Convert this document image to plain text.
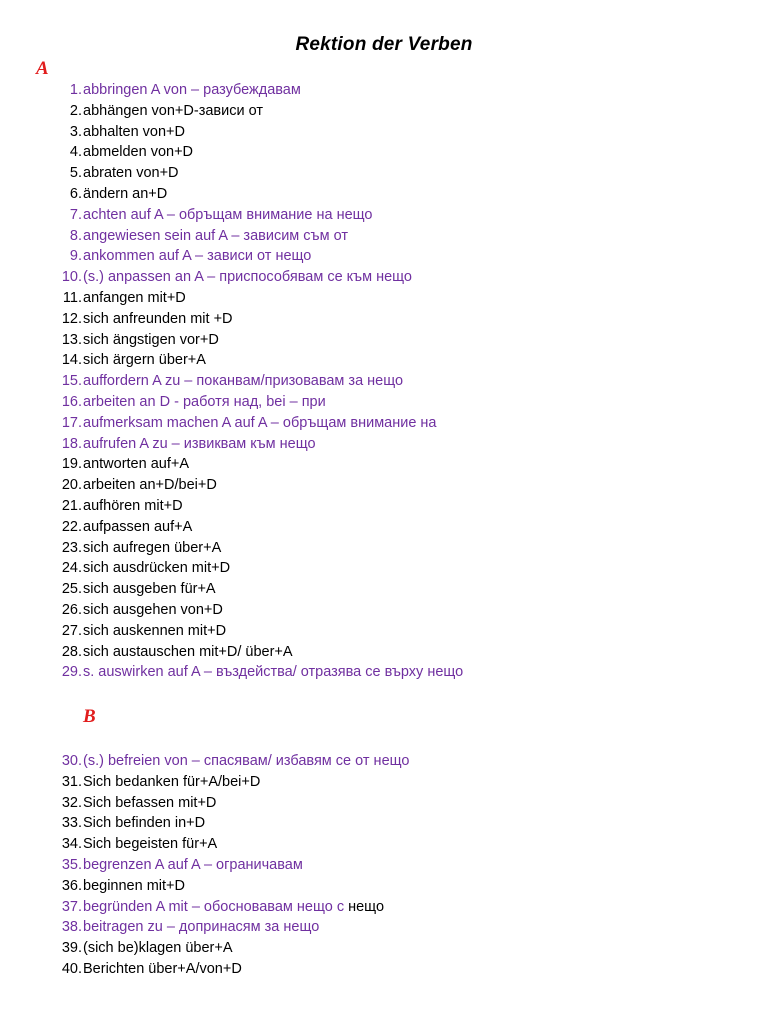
Rektion der Verben
A
1. abbringen A von – разубеждавам
2. abhängen von+D-зависи от
3. abhalten von+D
4. abmelden von+D
5. abraten von+D
6. ändern an+D
7. achten auf A – обръщам внимание на нещо
8. angewiesen sein auf A – зависим съм от
9. ankommen auf A – зависи от нещо
10. (s.) anpassen an A – приспособявам се към нещо
11. anfangen mit+D
12. sich anfreunden mit +D
13. sich ängstigen vor+D
14. sich ärgern über+A
15. auffordern A zu – поканвам/призовавам за нещо
16. arbeiten an D - работя над, bei – при
17. aufmerksam machen A auf A – обръщам внимание на
18. aufrufen A zu – извиквам към нещо
19. antworten auf+A
20. arbeiten an+D/bei+D
21. aufhören mit+D
22. aufpassen auf+A
23. sich aufregen über+A
24. sich ausdrücken mit+D
25. sich ausgeben für+A
26. sich ausgehen von+D
27. sich auskennen mit+D
28. sich austauschen mit+D/ über+A
29. s. auswirken auf A – въздейства/ отразява се върху нещо
B
30. (s.) befreien von – спасявам/ избавям се от нещо
31. Sich bedanken für+A/bei+D
32. Sich befassen mit+D
33. Sich befinden in+D
34. Sich begeisten für+A
35. begrenzen A auf A – ограничавам
36. beginnen mit+D
37. begründen A mit – обосновавам нещо с нещо
38. beitragen zu – допринасям за нещо
39. (sich be)klagen über+A
40. Berichten über+A/von+D
